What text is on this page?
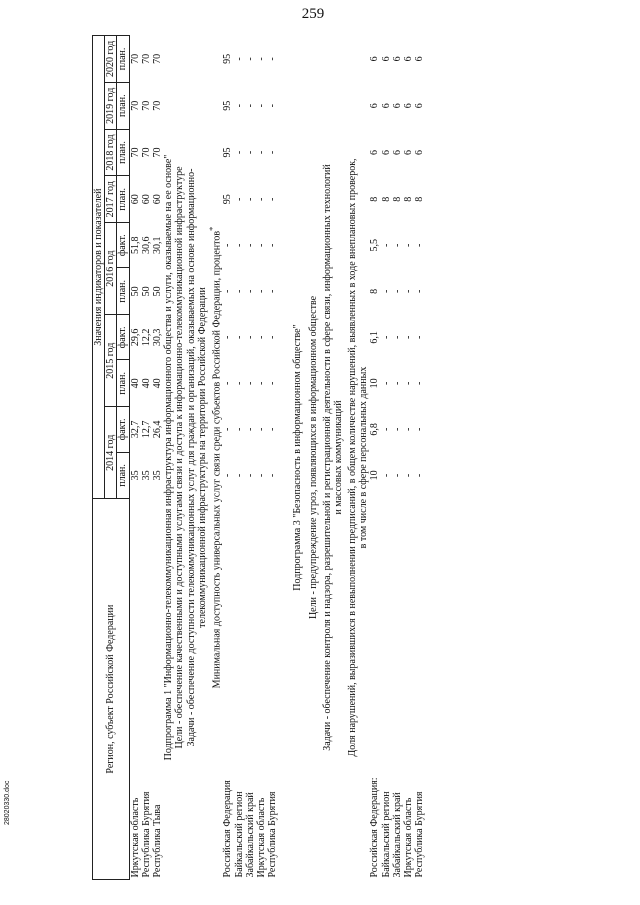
259
28020330.doc
Регион, субъект Российской Федерации	Значения индикаторов и показателей									
	2014 год		2015 год		2016 год		2017 год	2018 год	2019 год	2020 год
	план.	факт.	план.	факт.	план.	факт.	план.	план.	план.	план.
Иркутская область	35	32,7	40	29,6	50	51,8	60	70	70	70
Республика Бурятия	35	12,7	40	12,2	50	30,6	60	70	70	70
Республика Тыва	35	26,4	40	30,3	50	30,1	60	70	70	70
Подпрограмма 1 "Информационно-телекоммуникационная инфраструктура информационного общества и услуги, оказываемые на ее основе"										
Цели - обеспечение качественными и доступными услугами связи и доступа к информационно-телекоммуникационной инфраструктуре										
Задачи - обеспечение доступности телекоммуникационных услуг для граждан и организаций, оказываемых на основе информационно-										
телекоммуникационной инфраструктуры на территории Российской Федерации										
Минимальная доступность универсальных услуг связи среди субъектов Российской Федерации, процентов*
Российская Федерация	-	-	-	-	-	-	95	95	95	95
Байкальский регион	-	-	-	-	-	-	-	-	-	-
Забайкальский край	-	-	-	-	-	-	-	-	-	-
Иркутская область	-	-	-	-	-	-	-	-	-	-
Республика Бурятия	-	-	-	-	-	-	-	-	-	-
Подпрограмма 3 "Безопасность в информационном обществе"										
Цели - предупреждение угроз, появляющихся в информационном обществе										
Задачи - обеспечение контроля и надзора, разрешительной и регистрационной деятельности в сфере связи, информационных технологий										
и массовых коммуникаций										
Доля нарушений, выразившихся в невыполнении предписаний, в общем количестве нарушений, выявленных в ходе внеплановых проверок,										
в том числе в сфере персональных данных										
Российская Федерация:	10	6,8	10	6,1	8	5,5	8	6	6	6
Байкальский регион	-	-	-	-	-	-	8	6	6	6
Забайкальский край	-	-	-	-	-	-	8	6	6	6
Иркутская область	-	-	-	-	-	-	8	6	6	6
Республика Бурятия	-	-	-	-	-	-	8	6	6	6
